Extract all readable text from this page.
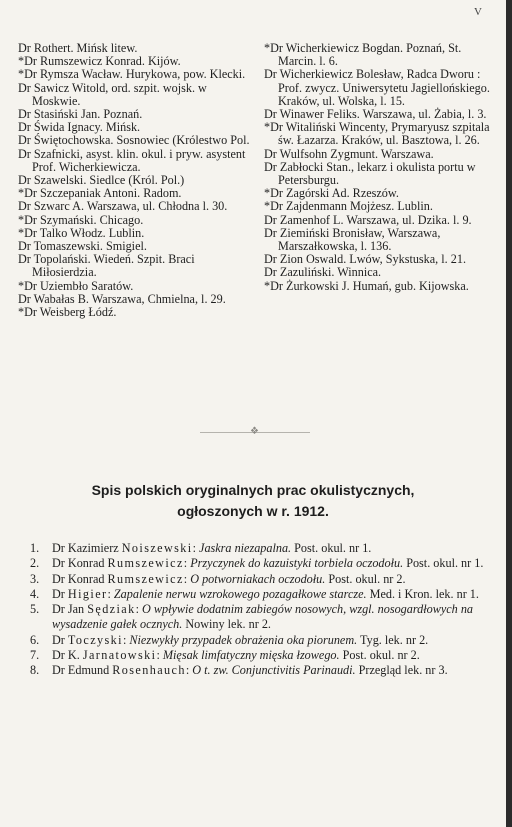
V

Dr Rothert. Mińsk litew.

*Dr Rumszewicz Konrad. Kijów.

*Dr Rymsza Wacław. Hurykowa, pow. Klecki.

Dr Sawicz Witold, ord. szpit. wojsk. w Moskwie.

Dr Stasiński Jan. Poznań.

Dr Świda Ignacy. Mińsk.

Dr Świętochowska. Sosnowiec (Królestwo Pol.

Dr Szafnicki, asyst. klin. okul. i pryw. asystent Prof. Wicherkiewicza.

Dr Szawelski. Siedlce (Król. Pol.)

*Dr Szczepaniak Antoni. Radom.

Dr Szwarc A. Warszawa, ul. Chłodna l. 30.

*Dr Szymański. Chicago.

*Dr Talko Włodz. Lublin.

Dr Tomaszewski. Smigiel.

Dr Topolański. Wiedeń. Szpit. Braci Miłosierdzia.

*Dr Uziembło Saratów.

Dr Wabałas B. Warszawa, Chmielna, l. 29.

*Dr Weisberg Łódź.

*Dr Wicherkiewicz Bogdan. Poznań, St. Marcin. l. 6.

Dr Wicherkiewicz Bolesław, Radca Dworu : Prof. zwycz. Uniwersytetu Jagiellońskiego. Kraków, ul. Wolska, l. 15.

Dr Winawer Feliks. Warszawa, ul. Żabia, l. 3.

*Dr Witaliński Wincenty, Prymaryusz szpitala św. Łazarza. Kraków, ul. Basztowa, l. 26.

Dr Wulfsohn Zygmunt. Warszawa.

Dr Zabłocki Stan., lekarz i okulista portu w Petersburgu.

*Dr Zagórski Ad. Rzeszów.

*Dr Zajdenmann Mojżesz. Lublin.

Dr Zamenhof L. Warszawa, ul. Dzika. l. 9.

Dr Ziemiński Bronisław, Warszawa, Marszałkowska, l. 136.

Dr Zion Oswald. Lwów, Sykstuska, l. 21.

Dr Zazuliński. Winnica.

*Dr Żurkowski J. Humań, gub. Kijowska.

❖
Spis polskich oryginalnych prac okulistycznych,
ogłoszonych w r. 1912.

1. Dr Kazimierz Noiszewski: Jaskra niezapalna. Post. okul. nr 1.

2. Dr Konrad Rumszewicz: Przyczynek do kazuistyki torbiela oczodołu. Post. okul. nr 1.

3. Dr Konrad Rumszewicz: O potworniakach oczodołu. Post. okul. nr 2.

4. Dr Higier: Zapalenie nerwu wzrokowego pozagałkowe starcze. Med. i Kron. lek. nr 1.

5. Dr Jan Sędziak: O wpływie dodatnim zabiegów nosowych, wzgl. nosogardłowych na wysadzenie gałek ocznych. Nowiny lek. nr 2.

6. Dr Toczyski: Niezwykły przypadek obrażenia oka piorunem. Tyg. lek. nr 2.

7. Dr K. Jarnatowski: Mięsak limfatyczny mięska łzowego. Post. okul. nr 2.

8. Dr Edmund Rosenhauch: O t. zw. Conjunctivitis Parinaudi. Przegląd lek. nr 3.
